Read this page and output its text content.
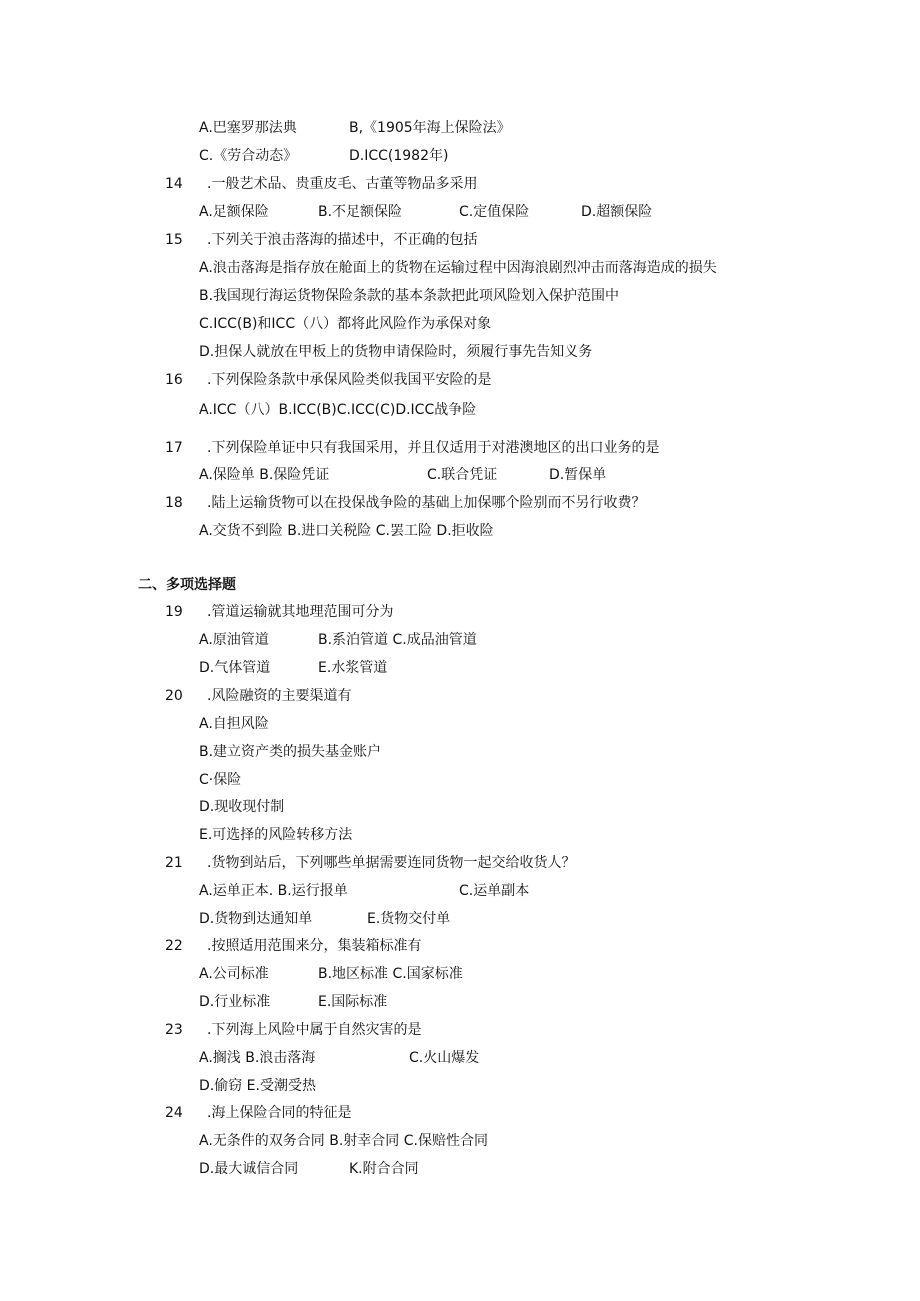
A.巴塞罗那法典	B,《1905年海上保险法》
C.《劳合动态》	D.ICC(1982年)
14 .一般艺术品、贵重皮毛、古董等物品多采用
A.足额保险	B.不足额保险	C.定值保险	D.超额保险
15 .下列关于浪击落海的描述中，不正确的包括
A.浪击落海是指存放在舱面上的货物在运输过程中因海浪剧烈冲击而落海造成的损失
B.我国现行海运货物保险条款的基本条款把此项风险划入保护范围中
C.ICC(B)和ICC（八）都将此风险作为承保对象
D.担保人就放在甲板上的货物申请保险时，须履行事先告知义务
16 .下列保险条款中承保风险类似我国平安险的是
A.ICC（八）B.ICC(B)C.ICC(C)D.ICC战争险
17 .下列保险单证中只有我国采用，并且仅适用于对港澳地区的出口业务的是
A.保险单 B.保险凭证	C.联合凭证	D.暂保单
18 .陆上运输货物可以在投保战争险的基础上加保哪个险别而不另行收费？
A.交货不到险 B.进口关税险 C.罢工险 D.拒收险
二、多项选择题
19 .管道运输就其地理范围可分为
A.原油管道	B.系泊管道 C.成品油管道
D.气体管道	E.水浆管道
20 .风险融资的主要渠道有
A.自担风险
B.建立资产类的损失基金账户
C·保险
D.现收现付制
E.可选择的风险转移方法
21 .货物到站后，下列哪些单据需要连同货物一起交给收货人？
A.运单正本. B.运行报单	C.运单副本
D.货物到达通知单	E.货物交付单
22 .按照适用范围来分，集装箱标准有
A.公司标准	B.地区标准 C.国家标准
D.行业标准	E.国际标准
23 .下列海上风险中属于自然灾害的是
A.搁浅 B.浪击落海	C.火山爆发
D.偷窃 E.受潮受热
24 .海上保险合同的特征是
A.无条件的双务合同 B.射幸合同 C.保赔性合同
D.最大诚信合同	K.附合合同
